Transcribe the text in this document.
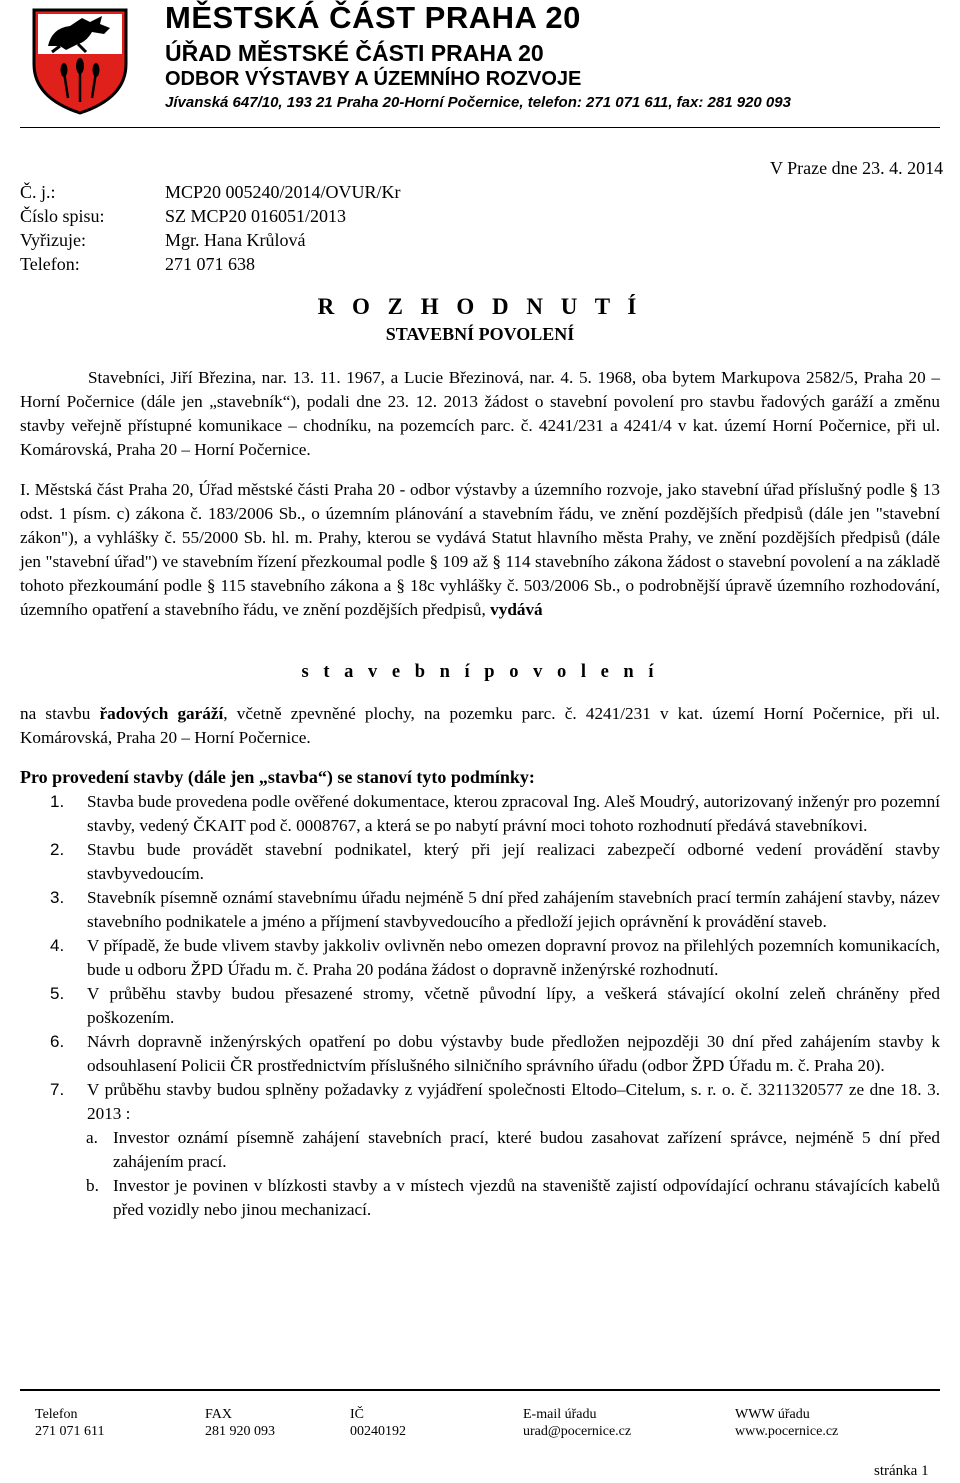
MĚSTSKÁ ČÁST PRAHA 20
ÚŘAD MĚSTSKÉ ČÁSTI PRAHA 20
ODBOR VÝSTAVBY A ÚZEMNÍHO ROZVOJE
Jívanská 647/10, 193 21 Praha 20-Horní Počernice, telefon: 271 071 611, fax: 281 920 093
V Praze dne 23. 4. 2014
Č. j.:	MCP20 005240/2014/OVUR/Kr
Číslo spisu:	SZ MCP20 016051/2013
Vyřizuje:	Mgr. Hana Krůlová
Telefon:	271 071 638
R O Z H O D N U T Í
STAVEBNÍ POVOLENÍ

Stavebníci, Jiří Březina, nar. 13. 11. 1967, a Lucie Březinová, nar. 4. 5. 1968, oba bytem Markupova 2582/5, Praha 20 – Horní Počernice (dále jen „stavebník“), podali dne 23. 12. 2013 žádost o stavební povolení pro stavbu řadových garáží a změnu stavby veřejně přístupné komunikace – chodníku, na pozemcích parc. č. 4241/231 a 4241/4 v kat. území Horní Počernice, při ul. Komárovská, Praha 20 – Horní Počernice.

I. Městská část Praha 20, Úřad městské části Praha 20 - odbor výstavby a územního rozvoje, jako stavební úřad příslušný podle § 13 odst. 1 písm. c) zákona č. 183/2006 Sb., o územním plánování a stavebním řádu, ve znění pozdějších předpisů (dále jen "stavební zákon"), a vyhlášky č. 55/2000 Sb. hl. m. Prahy, kterou se vydává Statut hlavního města Prahy, ve znění pozdějších předpisů (dále jen "stavební úřad") ve stavebním řízení přezkoumal podle § 109 až § 114 stavebního zákona žádost o stavební povolení a na základě tohoto přezkoumání podle § 115 stavebního zákona a § 18c vyhlášky č. 503/2006 Sb., o podrobnější úpravě územního rozhodování, územního opatření a stavebního řádu, ve znění pozdějších předpisů, vydává

s t a v e b n í p o v o l e n í

na stavbu řadových garáží, včetně zpevněné plochy, na pozemku parc. č. 4241/231 v kat. území Horní Počernice, při ul. Komárovská, Praha 20 – Horní Počernice.

Pro provedení stavby (dále jen „stavba“) se stanoví tyto podmínky:
1. Stavba bude provedena podle ověřené dokumentace, kterou zpracoval Ing. Aleš Moudrý, autorizovaný inženýr pro pozemní stavby, vedený ČKAIT pod č. 0008767, a která se po nabytí právní moci tohoto rozhodnutí předává stavebníkovi.
2. Stavbu bude provádět stavební podnikatel, který při její realizaci zabezpečí odborné vedení provádění stavby stavbyvedoucím.
3. Stavebník písemně oznámí stavebnímu úřadu nejméně 5 dní před zahájením stavebních prací termín zahájení stavby, název stavebního podnikatele a jméno a příjmení stavbyvedoucího a předloží jejich oprávnění k provádění staveb.
4. V případě, že bude vlivem stavby jakkoliv ovlivněn nebo omezen dopravní provoz na přilehlých pozemních komunikacích, bude u odboru ŽPD Úřadu m. č. Praha 20 podána žádost o dopravně inženýrské rozhodnutí.
5. V průběhu stavby budou přesazené stromy, včetně původní lípy, a veškerá stávající okolní zeleň chráněny před poškozením.
6. Návrh dopravně inženýrských opatření po dobu výstavby bude předložen nejpozději 30 dní před zahájením stavby k odsouhlasení Policii ČR prostřednictvím příslušného silničního správního úřadu (odbor ŽPD Úřadu m. č. Praha 20).
7. V průběhu stavby budou splněny požadavky z vyjádření společnosti Eltodo–Citelum, s. r. o. č. 3211320577 ze dne 18. 3. 2013 :
a. Investor oznámí písemně zahájení stavebních prací, které budou zasahovat zařízení správce, nejméně 5 dní před zahájením prací.
b. Investor je povinen v blízkosti stavby a v místech vjezdů na staveniště zajistí odpovídající ochranu stávajících kabelů před vozidly nebo jinou mechanizací.
Telefon
271 071 611
FAX
281 920 093
IČ
00240192
E-mail úřadu
urad@pocernice.cz
WWW úřadu
www.pocernice.cz
stránka 1
